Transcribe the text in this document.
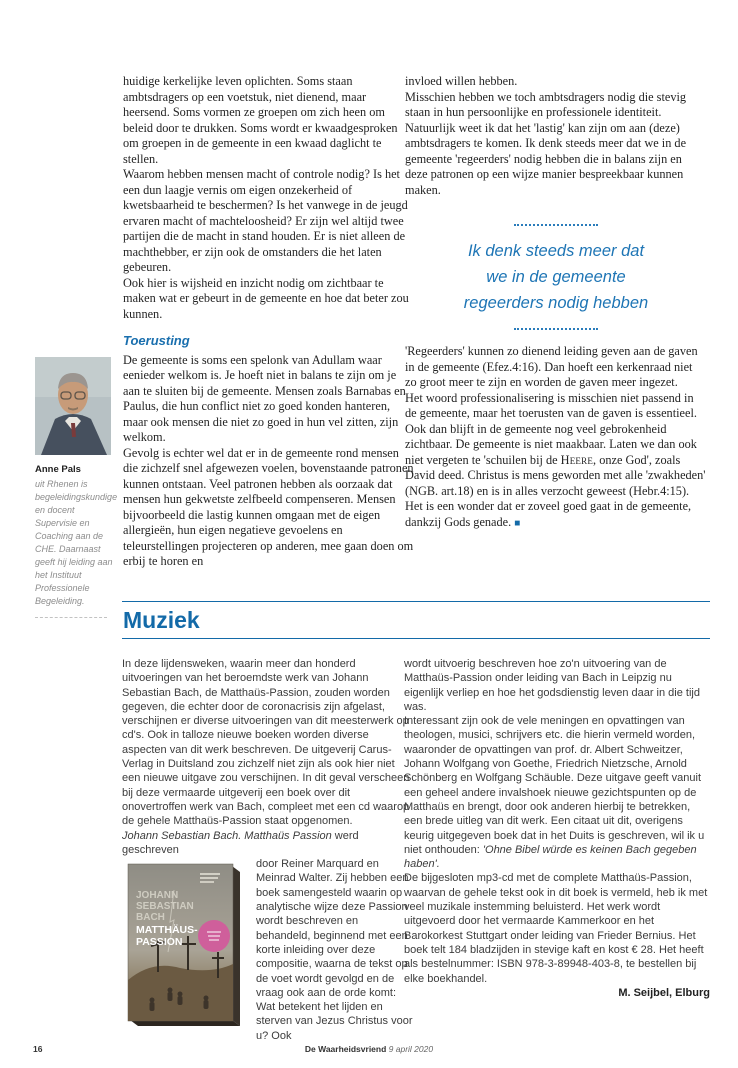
huidige kerkelijke leven oplichten. Soms staan ambtsdragers op een voetstuk, niet dienend, maar heersend. Soms vormen ze groepen om zich heen om beleid door te drukken. Soms wordt er kwaadgesproken om groepen in de gemeente in een kwaad daglicht te stellen.

Waarom hebben mensen macht of controle nodig? Is het een dun laagje vernis om eigen onzekerheid of kwetsbaarheid te beschermen? Is het vanwege in de jeugd ervaren macht of machteloosheid? Er zijn wel altijd twee partijen die de macht in stand houden. Er is niet alleen de machthebber, er zijn ook de omstanders die het laten gebeuren.

Ook hier is wijsheid en inzicht nodig om zichtbaar te maken wat er gebeurt in de gemeente en hoe dat beter zou kunnen.

Toerusting

De gemeente is soms een spelonk van Adullam waar eenieder welkom is. Je hoeft niet in balans te zijn om je aan te sluiten bij de gemeente. Mensen zoals Barnabas en Paulus, die hun conflict niet zo goed konden hanteren, maar ook mensen die niet zo goed in hun vel zitten, zijn welkom.

Gevolg is echter wel dat er in de gemeente rond mensen die zichzelf snel afgewezen voelen, bovenstaande patronen kunnen ontstaan. Veel patronen hebben als oorzaak dat mensen hun gekwetste zelfbeeld compenseren. Mensen bijvoorbeeld die lastig kunnen omgaan met de eigen allergieën, hun eigen negatieve gevoelens en teleurstellingen projecteren op anderen, mee gaan doen om erbij te horen en

invloed willen hebben.

Misschien hebben we toch ambtsdragers nodig die stevig staan in hun persoonlijke en professionele identiteit. Natuurlijk weet ik dat het 'lastig' kan zijn om aan (deze) ambtsdragers te komen. Ik denk steeds meer dat we in de gemeente 'regeerders' nodig hebben die in balans zijn en deze patronen op een wijze manier bespreekbaar kunnen maken.

Ik denk steeds meer dat
we in de gemeente
regeerders nodig hebben

'Regeerders' kunnen zo dienend leiding geven aan de gaven in de gemeente (Efez.4:16). Dan hoeft een kerkenraad niet zo groot meer te zijn en worden de gaven meer ingezet.

Het woord professionalisering is misschien niet passend in de gemeente, maar het toerusten van de gaven is essentieel. Ook dan blijft in de gemeente nog veel gebrokenheid zichtbaar. De gemeente is niet maakbaar. Laten we dan ook niet vergeten te 'schuilen bij de Heere, onze God', zoals David deed. Christus is mens geworden met alle 'zwakheden' (NGB. art.18) en is in alles verzocht geweest (Hebr.4:15). Het is een wonder dat er zoveel goed gaat in de gemeente, dankzij Gods genade. ■

Anne Pals
uit Rhenen is begeleidingskundige en docent Supervisie en Coaching aan de CHE. Daarnaast geeft hij leiding aan het Instituut Professionele Begeleiding.
Muziek

In deze lijdensweken, waarin meer dan honderd uitvoeringen van het beroemdste werk van Johann Sebastian Bach, de Matthaüs-Passion, zouden worden gegeven, die echter door de coronacrisis zijn afgelast, verschijnen er diverse uitvoeringen van dit meesterwerk op cd's. Ook in talloze nieuwe boeken worden diverse aspecten van dit werk beschreven. De uitgeverij Carus-Verlag in Duitsland zou zichzelf niet zijn als ook hier niet een nieuwe uitgave zou verschijnen. In dit geval verscheen bij deze vermaarde uitgeverij een boek over dit onovertroffen werk van Bach, compleet met een cd waarop de gehele Matthaüs-Passion staat opgenomen.

Johann Sebastian Bach. Matthaüs Passion werd geschreven

JOHANN
SEBASTIAN
BACH
MATTHÄUS-
PASSION

door Reiner Marquard en Meinrad Walter. Zij hebben een boek samengesteld waarin op analytische wijze deze Passion wordt beschreven en behandeld, beginnend met een korte inleiding over deze compositie, waarna de tekst op de voet wordt gevolgd en de vraag ook aan de orde komt: Wat betekent het lijden en sterven van Jezus Christus voor u? Ook

wordt uitvoerig beschreven hoe zo'n uitvoering van de Matthaüs-Passion onder leiding van Bach in Leipzig nu eigenlijk verliep en hoe het godsdienstig leven daar in die tijd was.

Interessant zijn ook de vele meningen en opvattingen van theologen, musici, schrijvers etc. die hierin vermeld worden, waaronder de opvattingen van prof. dr. Albert Schweitzer, Johann Wolfgang von Goethe, Friedrich Nietzsche, Arnold Schönberg en Wolfgang Schäuble. Deze uitgave geeft vanuit een geheel andere invalshoek nieuwe gezichtspunten op de Matthaüs en brengt, door ook anderen hierbij te betrekken, een brede uitleg van dit werk. Een citaat uit dit, overigens keurig uitgegeven boek dat in het Duits is geschreven, wil ik u niet onthouden: 'Ohne Bibel würde es keinen Bach gegeben haben'.

De bijgesloten mp3-cd met de complete Matthaüs-Passion, waarvan de gehele tekst ook in dit boek is vermeld, heb ik met veel muzikale instemming beluisterd. Het werk wordt uitgevoerd door het vermaarde Kammerkoor en het Barokorkest Stuttgart onder leiding van Frieder Bernius. Het boek telt 184 bladzijden in stevige kaft en kost € 28. Het heeft als bestelnummer: ISBN 978-3-89948-403-8, te bestellen bij elke boekhandel.

M. Seijbel, Elburg

16	De Waarheidsvriend 9 april 2020
